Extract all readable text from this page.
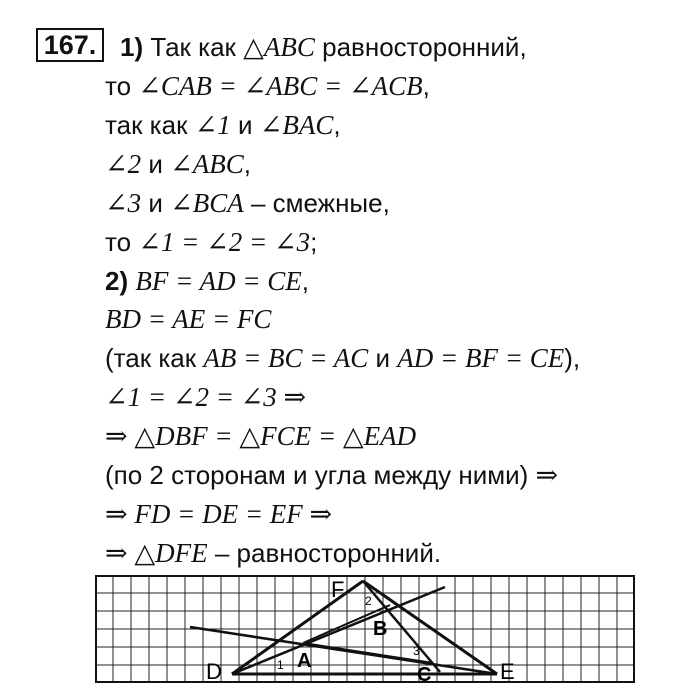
167. 1) Так как △ABC равносторонний,
то ∠CAB = ∠ABC = ∠ACB,
так как ∠1 и ∠BAC,
∠2 и ∠ABC,
∠3 и ∠BCA – смежные,
то ∠1 = ∠2 = ∠3;
2) BF = AD = CE,
BD = AE = FC
(так как AB = BC = AC и AD = BF = CE),
∠1 = ∠2 = ∠3 ⇒
⇒ △DBF = △FCE = △EAD
(по 2 сторонам и угла между ними) ⇒
⇒ FD = DE = EF ⇒
⇒ △DFE – равносторонний.
D
F
B
A
C	E
1
2
3
